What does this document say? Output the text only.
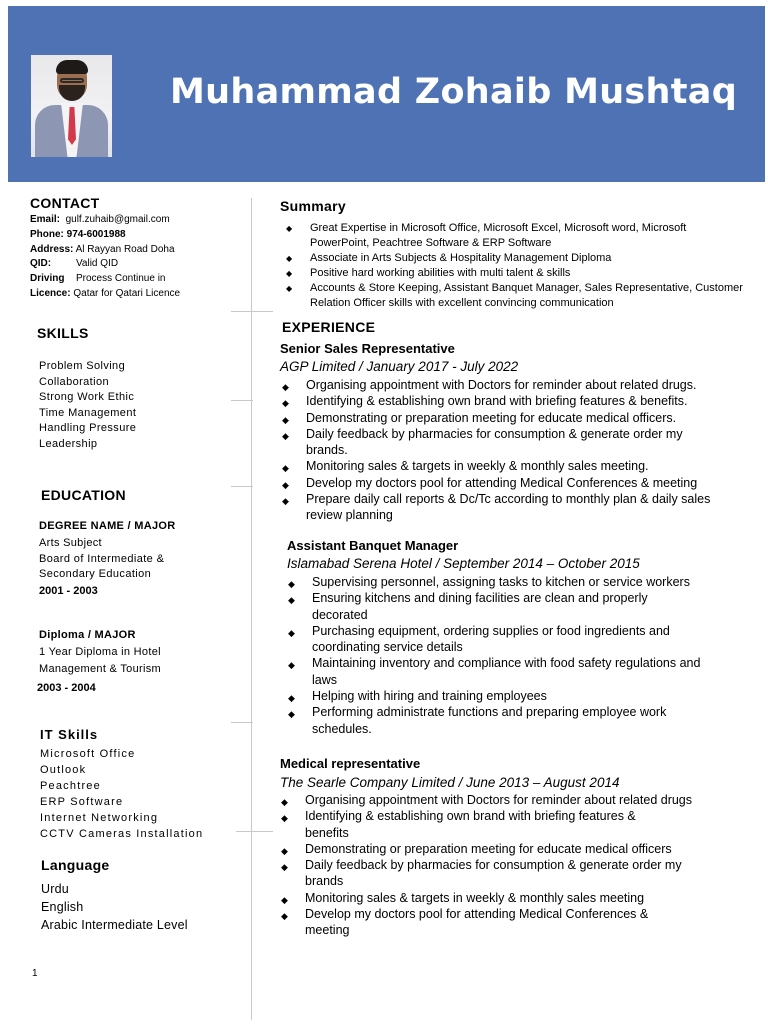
Muhammad Zohaib Mushtaq
CONTACT
Email: gulf.zuhaib@gmail.com
Phone: 974-6001988
Address: Al Rayyan Road Doha
QID: Valid QID
Driving Process Continue in
Licence: Qatar for Qatari Licence
SKILLS
Problem Solving
Collaboration
Strong Work Ethic
Time Management
Handling Pressure
Leadership
EDUCATION
DEGREE NAME / MAJOR
Arts Subject
Board of Intermediate &
Secondary Education
2001 - 2003
Diploma / MAJOR
1 Year Diploma in Hotel
Management & Tourism
2003 - 2004
IT Skills
Microsoft Office
Outlook
Peachtree
ERP Software
Internet Networking
CCTV Cameras Installation
Language
Urdu
English
Arabic Intermediate Level
1
Summary
◆ Great Expertise in Microsoft Office, Microsoft Excel, Microsoft word, Microsoft PowerPoint, Peachtree Software & ERP Software
◆ Associate in Arts Subjects & Hospitality Management Diploma
◆ Positive hard working abilities with multi talent & skills
◆ Accounts & Store Keeping, Assistant Banquet Manager, Sales Representative, Customer Relation Officer skills with excellent convincing communication
EXPERIENCE
Senior Sales Representative
AGP Limited / January 2017 - July 2022
◆ Organising appointment with Doctors for reminder about related drugs.
◆ Identifying & establishing own brand with briefing features & benefits.
◆ Demonstrating or preparation meeting for educate medical officers.
◆ Daily feedback by pharmacies for consumption & generate order my brands.
◆ Monitoring sales & targets in weekly & monthly sales meeting.
◆ Develop my doctors pool for attending Medical Conferences & meeting
◆ Prepare daily call reports & Dc/Tc according to monthly plan & daily sales review planning
Assistant Banquet Manager
Islamabad Serena Hotel / September 2014 – October 2015
◆ Supervising personnel, assigning tasks to kitchen or service workers
◆ Ensuring kitchens and dining facilities are clean and properly decorated
◆ Purchasing equipment, ordering supplies or food ingredients and coordinating service details
◆ Maintaining inventory and compliance with food safety regulations and laws
◆ Helping with hiring and training employees
◆ Performing administrate functions and preparing employee work schedules.
Medical representative
The Searle Company Limited / June 2013 – August 2014
◆ Organising appointment with Doctors for reminder about related drugs
◆ Identifying & establishing own brand with briefing features & benefits
◆ Demonstrating or preparation meeting for educate medical officers
◆ Daily feedback by pharmacies for consumption & generate order my brands
◆ Monitoring sales & targets in weekly & monthly sales meeting
◆ Develop my doctors pool for attending Medical Conferences & meeting
